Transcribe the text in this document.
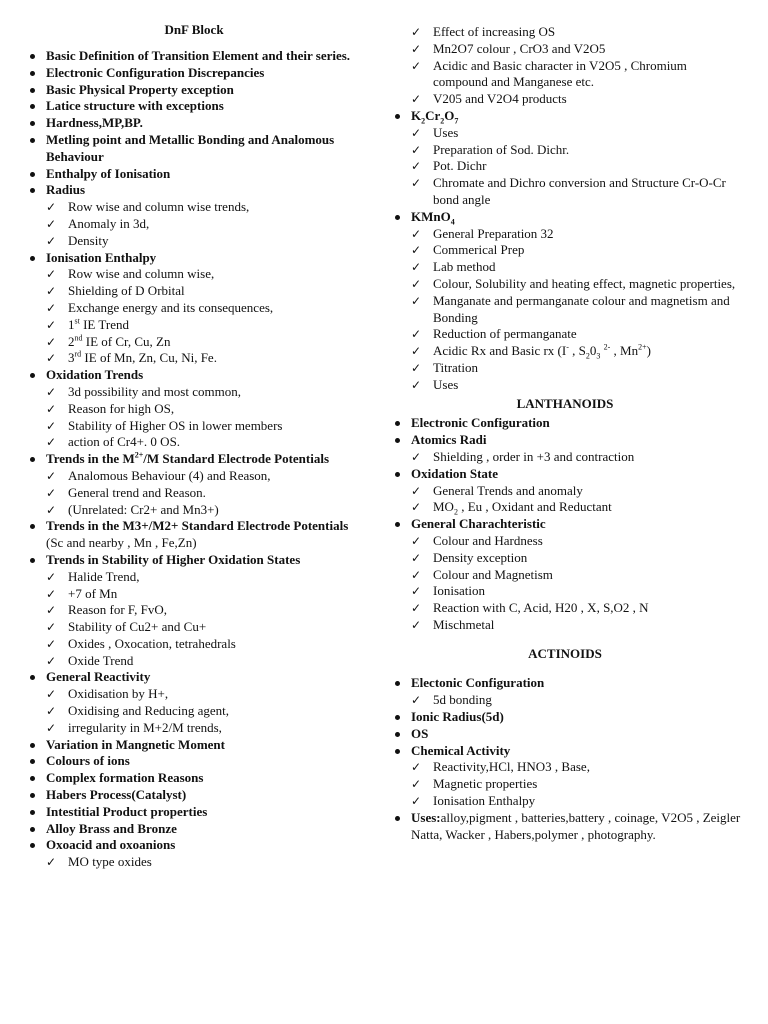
DnF Block
Basic Definition of Transition Element and their series.
Electronic Configuration Discrepancies
Basic Physical Property exception
Latice structure with exceptions
Hardness,MP,BP.
Metling point and Metallic Bonding and Analomous Behaviour
Enthalpy of Ionisation
Radius
✓ Row wise and column wise trends,
✓ Anomaly in 3d,
✓ Density
Ionisation Enthalpy
✓ Row wise and column wise,
✓ Shielding of D Orbital
✓ Exchange energy and its consequences,
✓ 1st IE Trend
✓ 2nd IE of Cr, Cu, Zn
✓ 3rd IE of Mn, Zn, Cu, Ni, Fe.
Oxidation Trends
✓ 3d possibility and most common,
✓ Reason for high OS,
✓ Stability of Higher OS in lower members
✓ action of Cr4+. 0 OS.
Trends in the $M^{2+}/M$ Standard Electrode Potentials
✓ Analomous Behaviour (4) and Reason,
✓ General trend and Reason.
✓ (Unrelated: Cr2+ and Mn3+)
Trends in the M3+/M2+ Standard Electrode Potentials
(Sc and nearby , Mn , Fe,Zn)
Trends in Stability of Higher Oxidation States
✓ Halide Trend,
✓ +7 of Mn
✓ Reason for F, FvO,
✓ Stability of Cu2+ and Cu+
✓ Oxides , Oxocation, tetrahedrals
✓ Oxide Trend
General Reactivity
✓ Oxidisation by H+,
✓ Oxidising and Reducing agent,
✓ irregularity in M+2/M trends,
Variation in Mangnetic Moment
Colours of ions
Complex formation Reasons
Habers Process(Catalyst)
Intestitial Product properties
Alloy Brass and Bronze
Oxoacid and oxoanions
✓ MO type oxides
✓ Effect of increasing OS
✓ Mn2O7 colour , CrO3 and V2O5
✓ Acidic and Basic character in V2O5 , Chromium compound and Manganese etc.
✓ V205 and V2O4 products
$K_2Cr_2O_7$
✓ Uses
✓ Preparation of Sod. Dichr.
✓ Pot. Dichr
✓ Chromate and Dichro conversion and Structure Cr-O-Cr bond angle
KMnO$_4$
✓ General Preparation 32
✓ Commerical Prep
✓ Lab method
✓ Colour, Solubility and heating effect, magnetic properties,
✓ Manganate and permanganate colour and magnetism and Bonding
✓ Reduction of permanganate
✓ Acidic Rx and Basic rx (I- , $S_20_3$ $^{2-}$ , $Mn^{2+}$)
✓ Titration
✓ Uses
LANTHANOIDS
Electronic Configuration
Atomics Radi
✓ Shielding , order in +3 and contraction
Oxidation State
✓ General Trends and anomaly
✓ $MO_2$ , Eu , Oxidant and Reductant
General Charachteristic
✓ Colour and Hardness
✓ Density exception
✓ Colour and Magnetism
✓ Ionisation
✓ Reaction with C, Acid, H20 , X, S,O2 , N
✓ Mischmetal
ACTINOIDS
Electonic Configuration
✓ 5d bonding
Ionic Radius(5d)
OS
Chemical Activity
✓ Reactivity,HCl, HNO3 , Base,
✓ Magnetic properties
✓ Ionisation Enthalpy
Uses:alloy,pigment , batteries,battery , coinage, V2O5 , Zeigler Natta, Wacker , Habers,polymer , photography.
